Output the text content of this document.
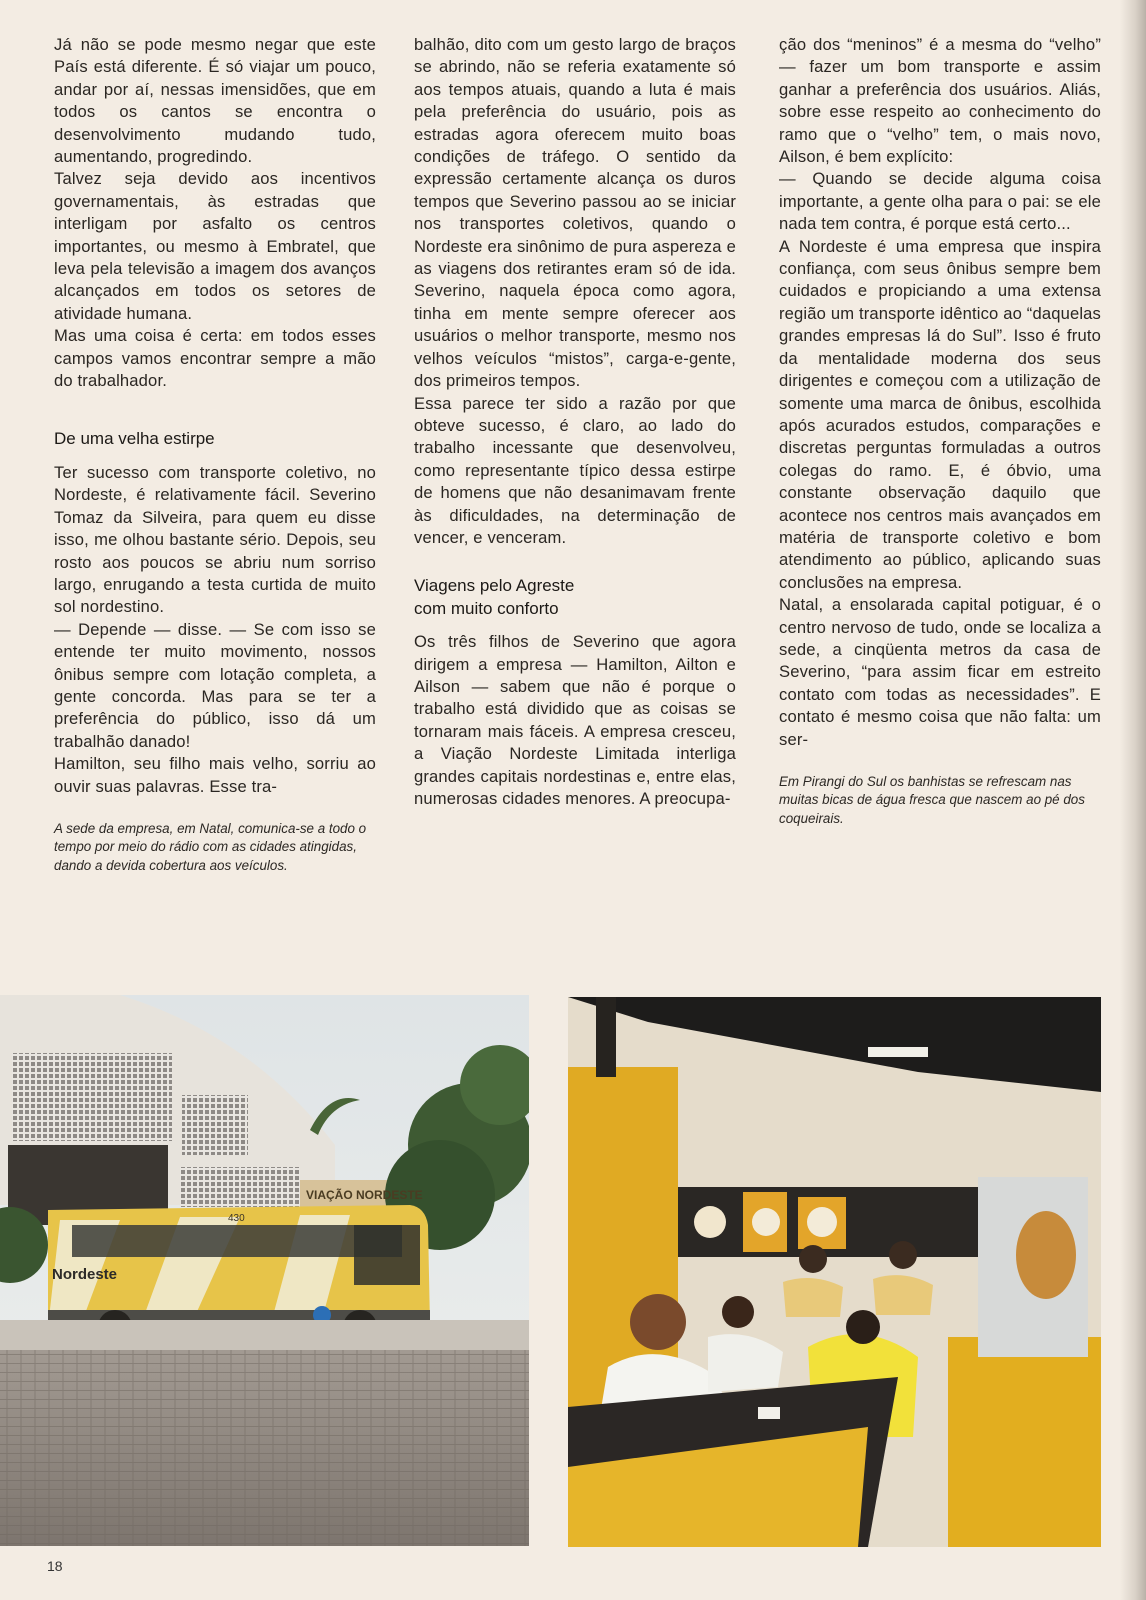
Já não se pode mesmo negar que este País está diferente. É só viajar um pouco, andar por aí, nessas imensidões, que em todos os cantos se encontra o desenvolvimento mudando tudo, aumentando, progredindo.

Talvez seja devido aos incentivos governamentais, às estradas que interligam por asfalto os centros importantes, ou mesmo à Embratel, que leva pela televisão a imagem dos avanços alcançados em todos os setores de atividade humana.

Mas uma coisa é certa: em todos esses campos vamos encontrar sempre a mão do trabalhador.

De uma velha estirpe

Ter sucesso com transporte coletivo, no Nordeste, é relativamente fácil. Severino Tomaz da Silveira, para quem eu disse isso, me olhou bastante sério. Depois, seu rosto aos poucos se abriu num sorriso largo, enrugando a testa curtida de muito sol nordestino.

— Depende — disse. — Se com isso se entende ter muito movimento, nossos ônibus sempre com lotação completa, a gente concorda. Mas para se ter a preferência do público, isso dá um trabalhão danado!

Hamilton, seu filho mais velho, sorriu ao ouvir suas palavras. Esse tra-

A sede da empresa, em Natal, comunica-se a todo o tempo por meio do rádio com as cidades atingidas, dando a devida cobertura aos veículos.

balhão, dito com um gesto largo de braços se abrindo, não se referia exatamente só aos tempos atuais, quando a luta é mais pela preferência do usuário, pois as estradas agora oferecem muito boas condições de tráfego. O sentido da expressão certamente alcança os duros tempos que Severino passou ao se iniciar nos transportes coletivos, quando o Nordeste era sinônimo de pura aspereza e as viagens dos retirantes eram só de ida. Severino, naquela época como agora, tinha em mente sempre oferecer aos usuários o melhor transporte, mesmo nos velhos veículos “mistos”, carga-e-gente, dos primeiros tempos.

Essa parece ter sido a razão por que obteve sucesso, é claro, ao lado do trabalho incessante que desenvolveu, como representante típico dessa estirpe de homens que não desanimavam frente às dificuldades, na determinação de vencer, e venceram.

Viagens pelo Agreste
com muito conforto

Os três filhos de Severino que agora dirigem a empresa — Hamilton, Ailton e Ailson — sabem que não é porque o trabalho está dividido que as coisas se tornaram mais fáceis. A empresa cresceu, a Viação Nordeste Limitada interliga grandes capitais nordestinas e, entre elas, numerosas cidades menores. A preocupa-

ção dos “meninos” é a mesma do “velho” — fazer um bom transporte e assim ganhar a preferência dos usuários. Aliás, sobre esse respeito ao conhecimento do ramo que o “velho” tem, o mais novo, Ailson, é bem explícito:

— Quando se decide alguma coisa importante, a gente olha para o pai: se ele nada tem contra, é porque está certo...

A Nordeste é uma empresa que inspira confiança, com seus ônibus sempre bem cuidados e propiciando a uma extensa região um transporte idêntico ao “daquelas grandes empresas lá do Sul”. Isso é fruto da mentalidade moderna dos seus dirigentes e começou com a utilização de somente uma marca de ônibus, escolhida após acurados estudos, comparações e discretas perguntas formuladas a outros colegas do ramo. E, é óbvio, uma constante observação daquilo que acontece nos centros mais avançados em matéria de transporte coletivo e bom atendimento ao público, aplicando suas conclusões na empresa.

Natal, a ensolarada capital potiguar, é o centro nervoso de tudo, onde se localiza a sede, a cinqüenta metros da casa de Severino, “para assim ficar em estreito contato com todas as necessidades”. E contato é mesmo coisa que não falta: um ser-

Em Pirangi do Sul os banhistas se refrescam nas muitas bicas de água fresca que nascem ao pé dos coqueirais.

VIAÇÃO NORDESTE
Nordeste
430
18
